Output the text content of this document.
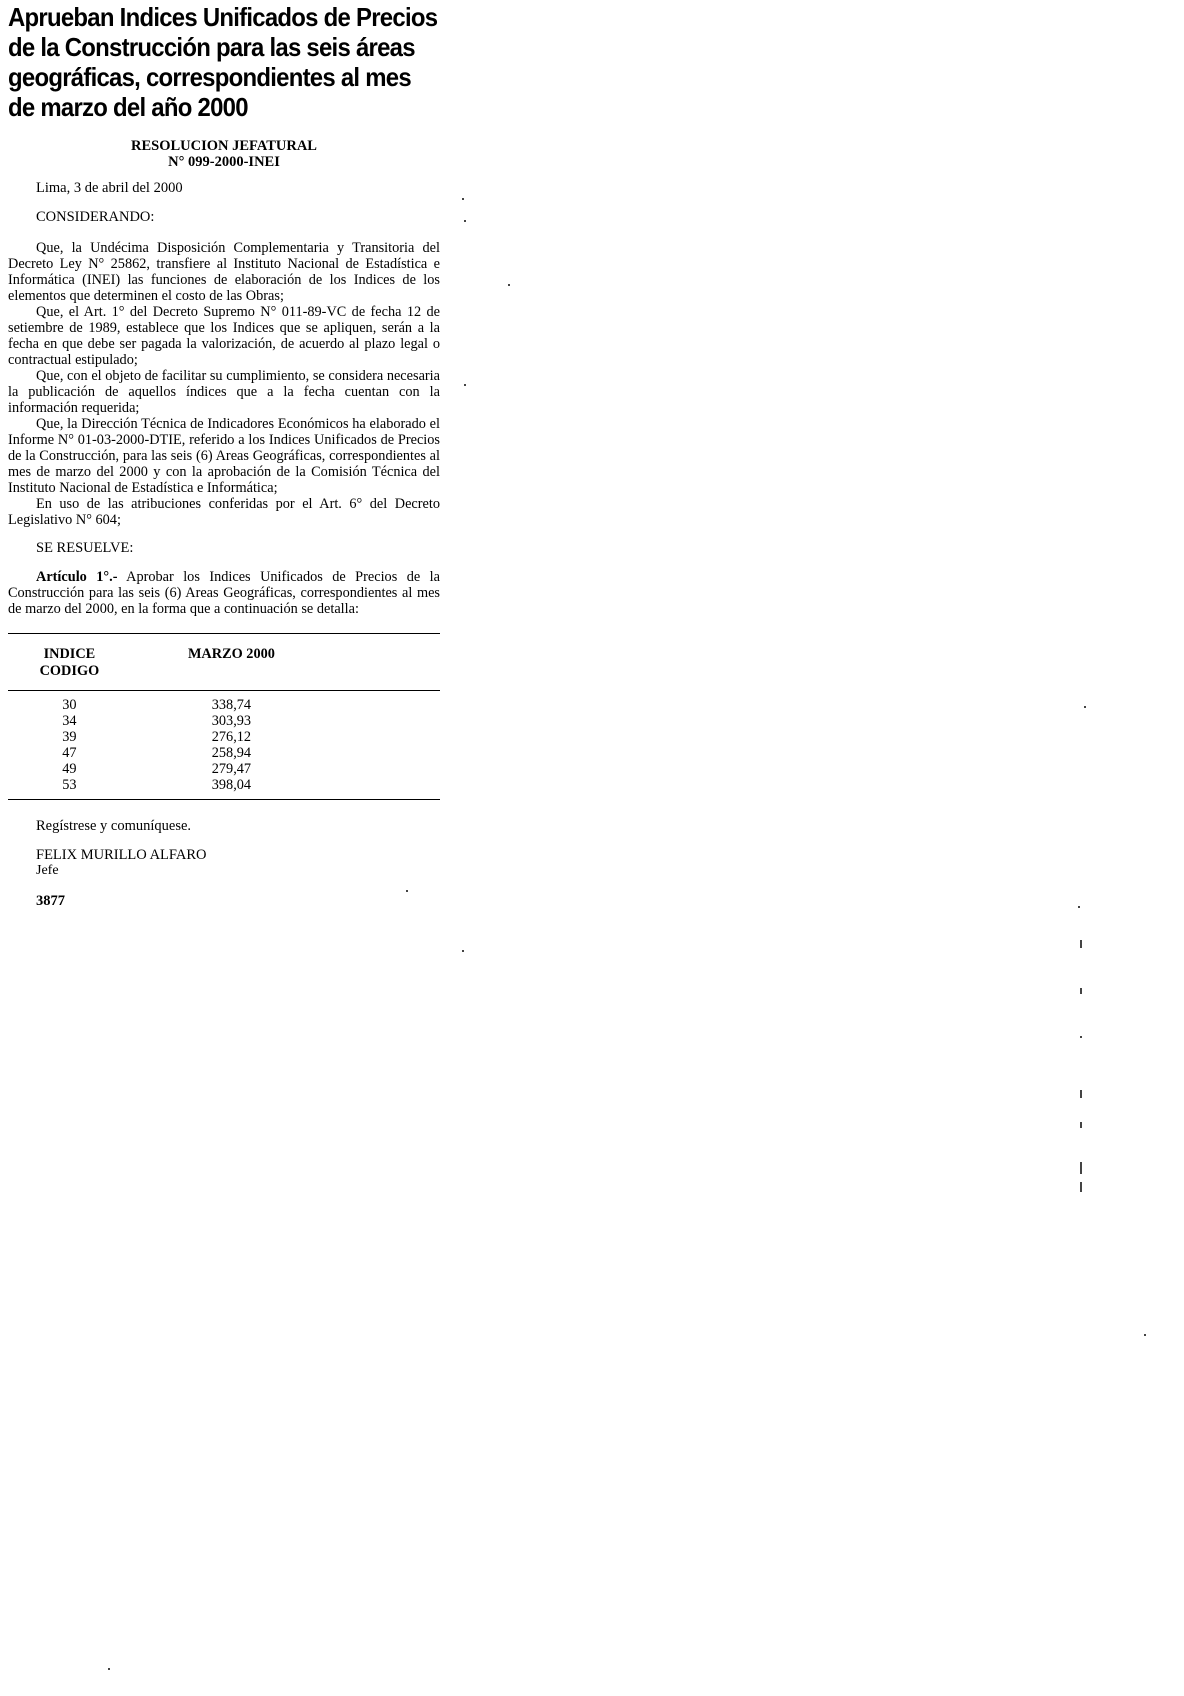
Aprueban Indices Unificados de Precios de la Construcción para las seis áreas geográficas, correspondientes al mes de marzo del año 2000
RESOLUCION JEFATURAL
N° 099-2000-INEI
Lima, 3 de abril del 2000
CONSIDERANDO:

Que, la Undécima Disposición Complementaria y Transitoria del Decreto Ley N° 25862, transfiere al Instituto Nacional de Estadística e Informática (INEI) las funciones de elaboración de los Indices de los elementos que determinen el costo de las Obras;

Que, el Art. 1° del Decreto Supremo N° 011-89-VC de fecha 12 de setiembre de 1989, establece que los Indices que se apliquen, serán a la fecha en que debe ser pagada la valorización, de acuerdo al plazo legal o contractual estipulado;

Que, con el objeto de facilitar su cumplimiento, se considera necesaria la publicación de aquellos índices que a la fecha cuentan con la información requerida;

Que, la Dirección Técnica de Indicadores Económicos ha elaborado el Informe N° 01-03-2000-DTIE, referido a los Indices Unificados de Precios de la Construcción, para las seis (6) Areas Geográficas, correspondientes al mes de marzo del 2000 y con la aprobación de la Comisión Técnica del Instituto Nacional de Estadística e Informática;

En uso de las atribuciones conferidas por el Art. 6° del Decreto Legislativo N° 604;

SE RESUELVE:
Artículo 1°.- Aprobar los Indices Unificados de Precios de la Construcción para las seis (6) Areas Geográficas, correspondientes al mes de marzo del 2000, en la forma que a continuación se detalla:
INDICE
CODIGO	MARZO 2000	

30	338,74	
34	303,93	
39	276,12	
47	258,94	
49	279,47	
53	398,04	

Regístrese y comuníquese.
FELIX MURILLO ALFARO
Jefe
3877
